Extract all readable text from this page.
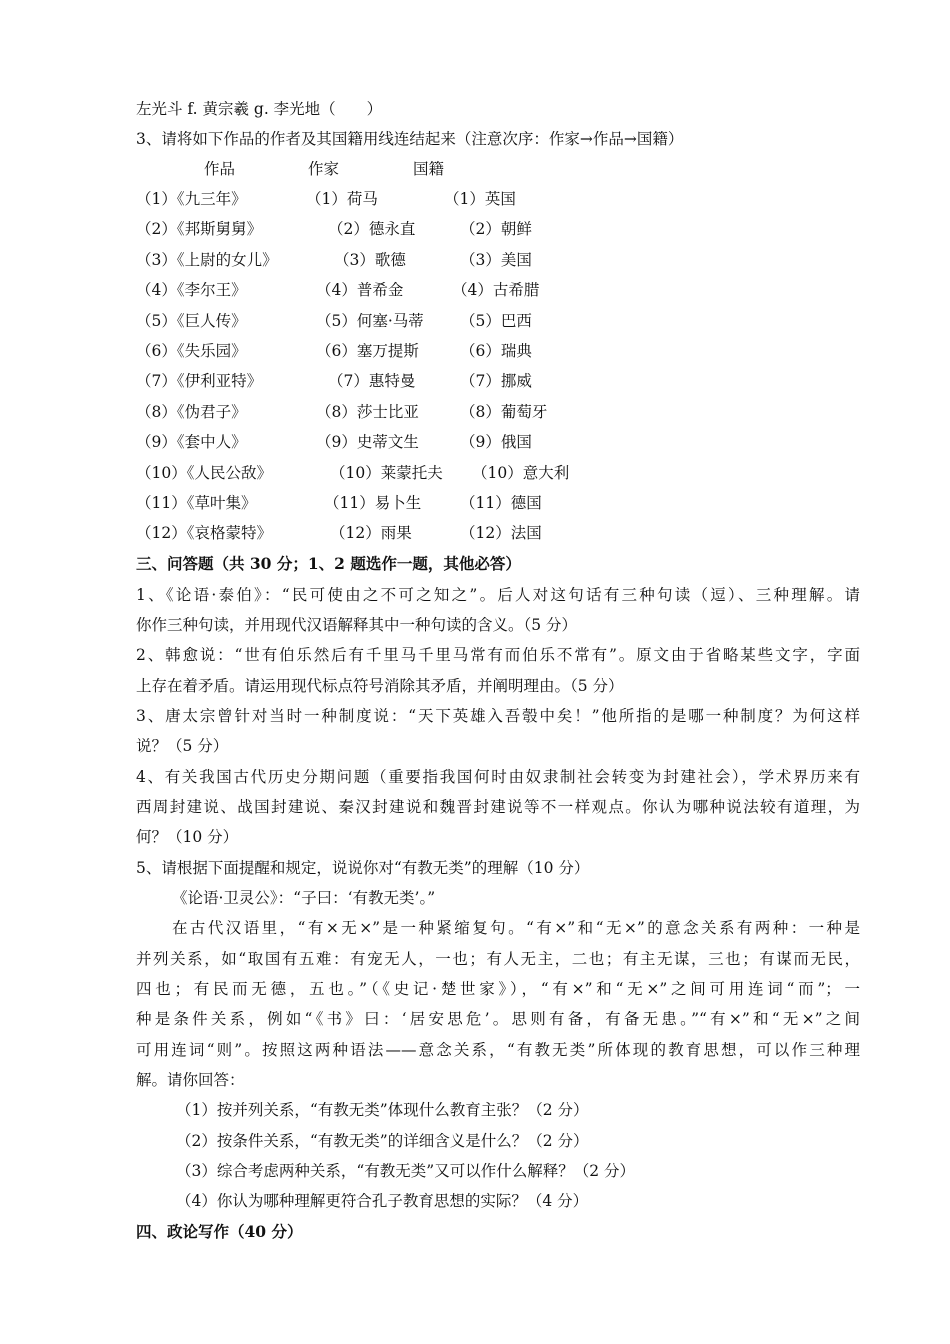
左光斗 f. 黄宗羲 g. 李光地（　　）
3、请将如下作品的作者及其国籍用线连结起来（注意次序：作家→作品→国籍）
作品	作家	国籍
（1）《九三年》	（1）荷马	（1）英国
（2）《邦斯舅舅》	（2）德永直	（2）朝鲜
（3）《上尉的女儿》	（3）歌德	（3）美国
（4）《李尔王》	（4）普希金	（4）古希腊
（5）《巨人传》	（5）何塞·马蒂 （5）巴西
（6）《失乐园》	（6）塞万提斯	（6）瑞典
（7）《伊利亚特》	（7）惠特曼	（7）挪威
（8）《伪君子》	（8）莎士比亚	（8）葡萄牙
（9）《套中人》	（9）史蒂文生	（9）俄国
（10）《人民公敌》	（10）莱蒙托夫 （10）意大利
（11）《草叶集》	（11）易卜生	（11）德国
（12）《哀格蒙特》	（12）雨果	（12）法国
三、问答题（共 30 分；1、2 题选作一题，其他必答）
1、《论语·泰伯》：“民可使由之不可之知之”。后人对这句话有三种句读（逗）、三种理解。请
你作三种句读，并用现代汉语解释其中一种句读的含义。（5 分）
2、韩愈说：“世有伯乐然后有千里马千里马常有而伯乐不常有”。原文由于省略某些文字，字面
上存在着矛盾。请运用现代标点符号消除其矛盾，并阐明理由。（5 分）
3、唐太宗曾针对当时一种制度说：“天下英雄入吾彀中矣！”他所指的是哪一种制度？为何这样
说？（5 分）
4、有关我国古代历史分期问题（重要指我国何时由奴隶制社会转变为封建社会），学术界历来有
西周封建说、战国封建说、秦汉封建说和魏晋封建说等不一样观点。你认为哪种说法较有道理，为
何？（10 分）
5、请根据下面提醒和规定，说说你对“有教无类”的理解（10 分）
《论语·卫灵公》：“子曰：‘有教无类’。”
在古代汉语里，“有×无×”是一种紧缩复句。“有×”和“无×”的意念关系有两种：一种是
并列关系，如“取国有五难：有宠无人，一也；有人无主，二也；有主无谋，三也；有谋而无民，
四也；有民而无德，五也。”（《史记·楚世家》），“有×”和“无×”之间可用连词“而”；一
种是条件关系，例如“《书》曰：‘居安思危’。思则有备，有备无患。”“有×”和“无×”之间
可用连词“则”。按照这两种语法——意念关系，“有教无类”所体现的教育思想，可以作三种理
解。请你回答：
（1）按并列关系，“有教无类”体现什么教育主张？（2 分）
（2）按条件关系，“有教无类”的详细含义是什么？（2 分）
（3）综合考虑两种关系，“有教无类”又可以作什么解释？（2 分）
（4）你认为哪种理解更符合孔子教育思想的实际？（4 分）
四、政论写作（40 分）
